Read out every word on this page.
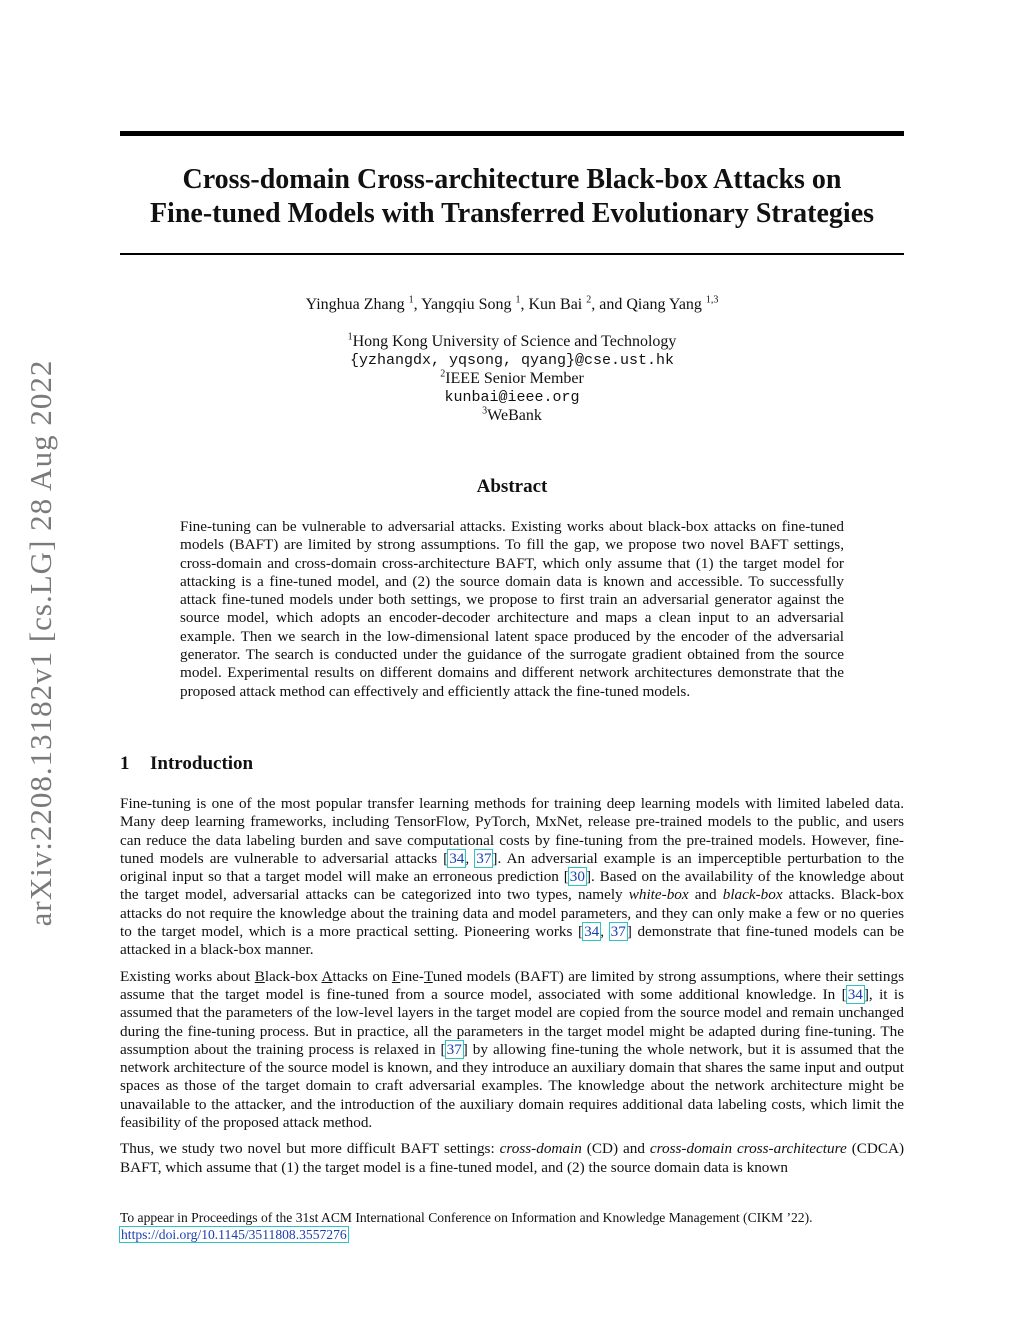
arXiv:2208.13182v1 [cs.LG] 28 Aug 2022
Cross-domain Cross-architecture Black-box Attacks on
Fine-tuned Models with Transferred Evolutionary Strategies
Yinghua Zhang $^1$, Yangqiu Song $^1$, Kun Bai $^2$, and Qiang Yang $^{1,3}$
$^1$Hong Kong University of Science and Technology
{yzhangdx, yqsong, qyang}@cse.ust.hk
$^2$IEEE Senior Member
kunbai@ieee.org
$^3$WeBank
Abstract
Fine-tuning can be vulnerable to adversarial attacks. Existing works about black-box attacks on fine-tuned models (BAFT) are limited by strong assumptions. To fill the gap, we propose two novel BAFT settings, cross-domain and cross-domain cross-architecture BAFT, which only assume that (1) the target model for attacking is a fine-tuned model, and (2) the source domain data is known and accessible. To successfully attack fine-tuned models under both settings, we propose to first train an adversarial generator against the source model, which adopts an encoder-decoder architecture and maps a clean input to an adversarial example. Then we search in the low-dimensional latent space produced by the encoder of the adversarial generator. The search is conducted under the guidance of the surrogate gradient obtained from the source model. Experimental results on different domains and different network architectures demonstrate that the proposed attack method can effectively and efficiently attack the fine-tuned models.
1 Introduction

Fine-tuning is one of the most popular transfer learning methods for training deep learning models with limited labeled data. Many deep learning frameworks, including TensorFlow, PyTorch, MxNet, release pre-trained models to the public, and users can reduce the data labeling burden and save computational costs by fine-tuning from the pre-trained models. However, fine-tuned models are vulnerable to adversarial attacks [34, 37]. An adversarial example is an imperceptible perturbation to the original input so that a target model will make an erroneous prediction [30]. Based on the availability of the knowledge about the target model, adversarial attacks can be categorized into two types, namely white-box and black-box attacks. Black-box attacks do not require the knowledge about the training data and model parameters, and they can only make a few or no queries to the target model, which is a more practical setting. Pioneering works [34, 37] demonstrate that fine-tuned models can be attacked in a black-box manner.

Existing works about Black-box Attacks on Fine-Tuned models (BAFT) are limited by strong assumptions, where their settings assume that the target model is fine-tuned from a source model, associated with some additional knowledge. In [34], it is assumed that the parameters of the low-level layers in the target model are copied from the source model and remain unchanged during the fine-tuning process. But in practice, all the parameters in the target model might be adapted during fine-tuning. The assumption about the training process is relaxed in [37] by allowing fine-tuning the whole network, but it is assumed that the network architecture of the source model is known, and they introduce an auxiliary domain that shares the same input and output spaces as those of the target domain to craft adversarial examples. The knowledge about the network architecture might be unavailable to the attacker, and the introduction of the auxiliary domain requires additional data labeling costs, which limit the feasibility of the proposed attack method.

Thus, we study two novel but more difficult BAFT settings: cross-domain (CD) and cross-domain cross-architecture (CDCA) BAFT, which assume that (1) the target model is a fine-tuned model, and (2) the source domain data is known

To appear in Proceedings of the 31st ACM International Conference on Information and Knowledge Management (CIKM ’22).
https://doi.org/10.1145/3511808.3557276
